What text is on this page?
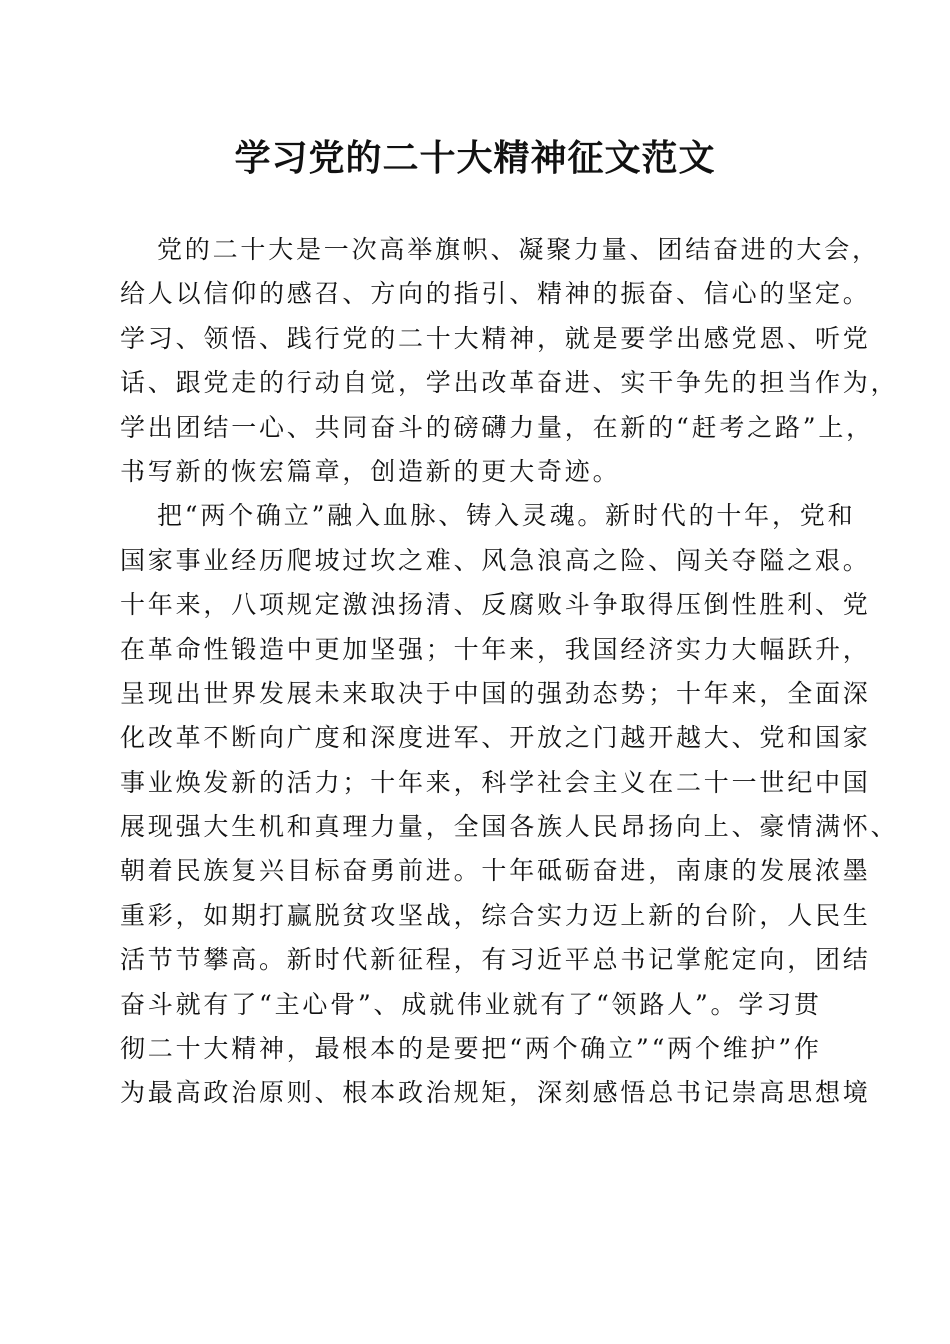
学习党的二十大精神征文范文
党的二十大是一次高举旗帜、凝聚力量、团结奋进的大会，
给人以信仰的感召、方向的指引、精神的振奋、信心的坚定。
学习、领悟、践行党的二十大精神，就是要学出感党恩、听党
话、跟党走的行动自觉，学出改革奋进、实干争先的担当作为，
学出团结一心、共同奋斗的磅礴力量，在新的“赶考之路”上，
书写新的恢宏篇章，创造新的更大奇迹。
把“两个确立”融入血脉、铸入灵魂。新时代的十年，党和
国家事业经历爬坡过坎之难、风急浪高之险、闯关夺隘之艰。
十年来，八项规定激浊扬清、反腐败斗争取得压倒性胜利、党
在革命性锻造中更加坚强；十年来，我国经济实力大幅跃升，
呈现出世界发展未来取决于中国的强劲态势；十年来，全面深
化改革不断向广度和深度进军、开放之门越开越大、党和国家
事业焕发新的活力；十年来，科学社会主义在二十一世纪中国
展现强大生机和真理力量，全国各族人民昂扬向上、豪情满怀、
朝着民族复兴目标奋勇前进。十年砥砺奋进，南康的发展浓墨
重彩，如期打赢脱贫攻坚战，综合实力迈上新的台阶，人民生
活节节攀高。新时代新征程，有习近平总书记掌舵定向，团结
奋斗就有了“主心骨”、成就伟业就有了“领路人”。学习贯
彻二十大精神，最根本的是要把“两个确立”“两个维护”作
为最高政治原则、根本政治规矩，深刻感悟总书记崇高思想境
